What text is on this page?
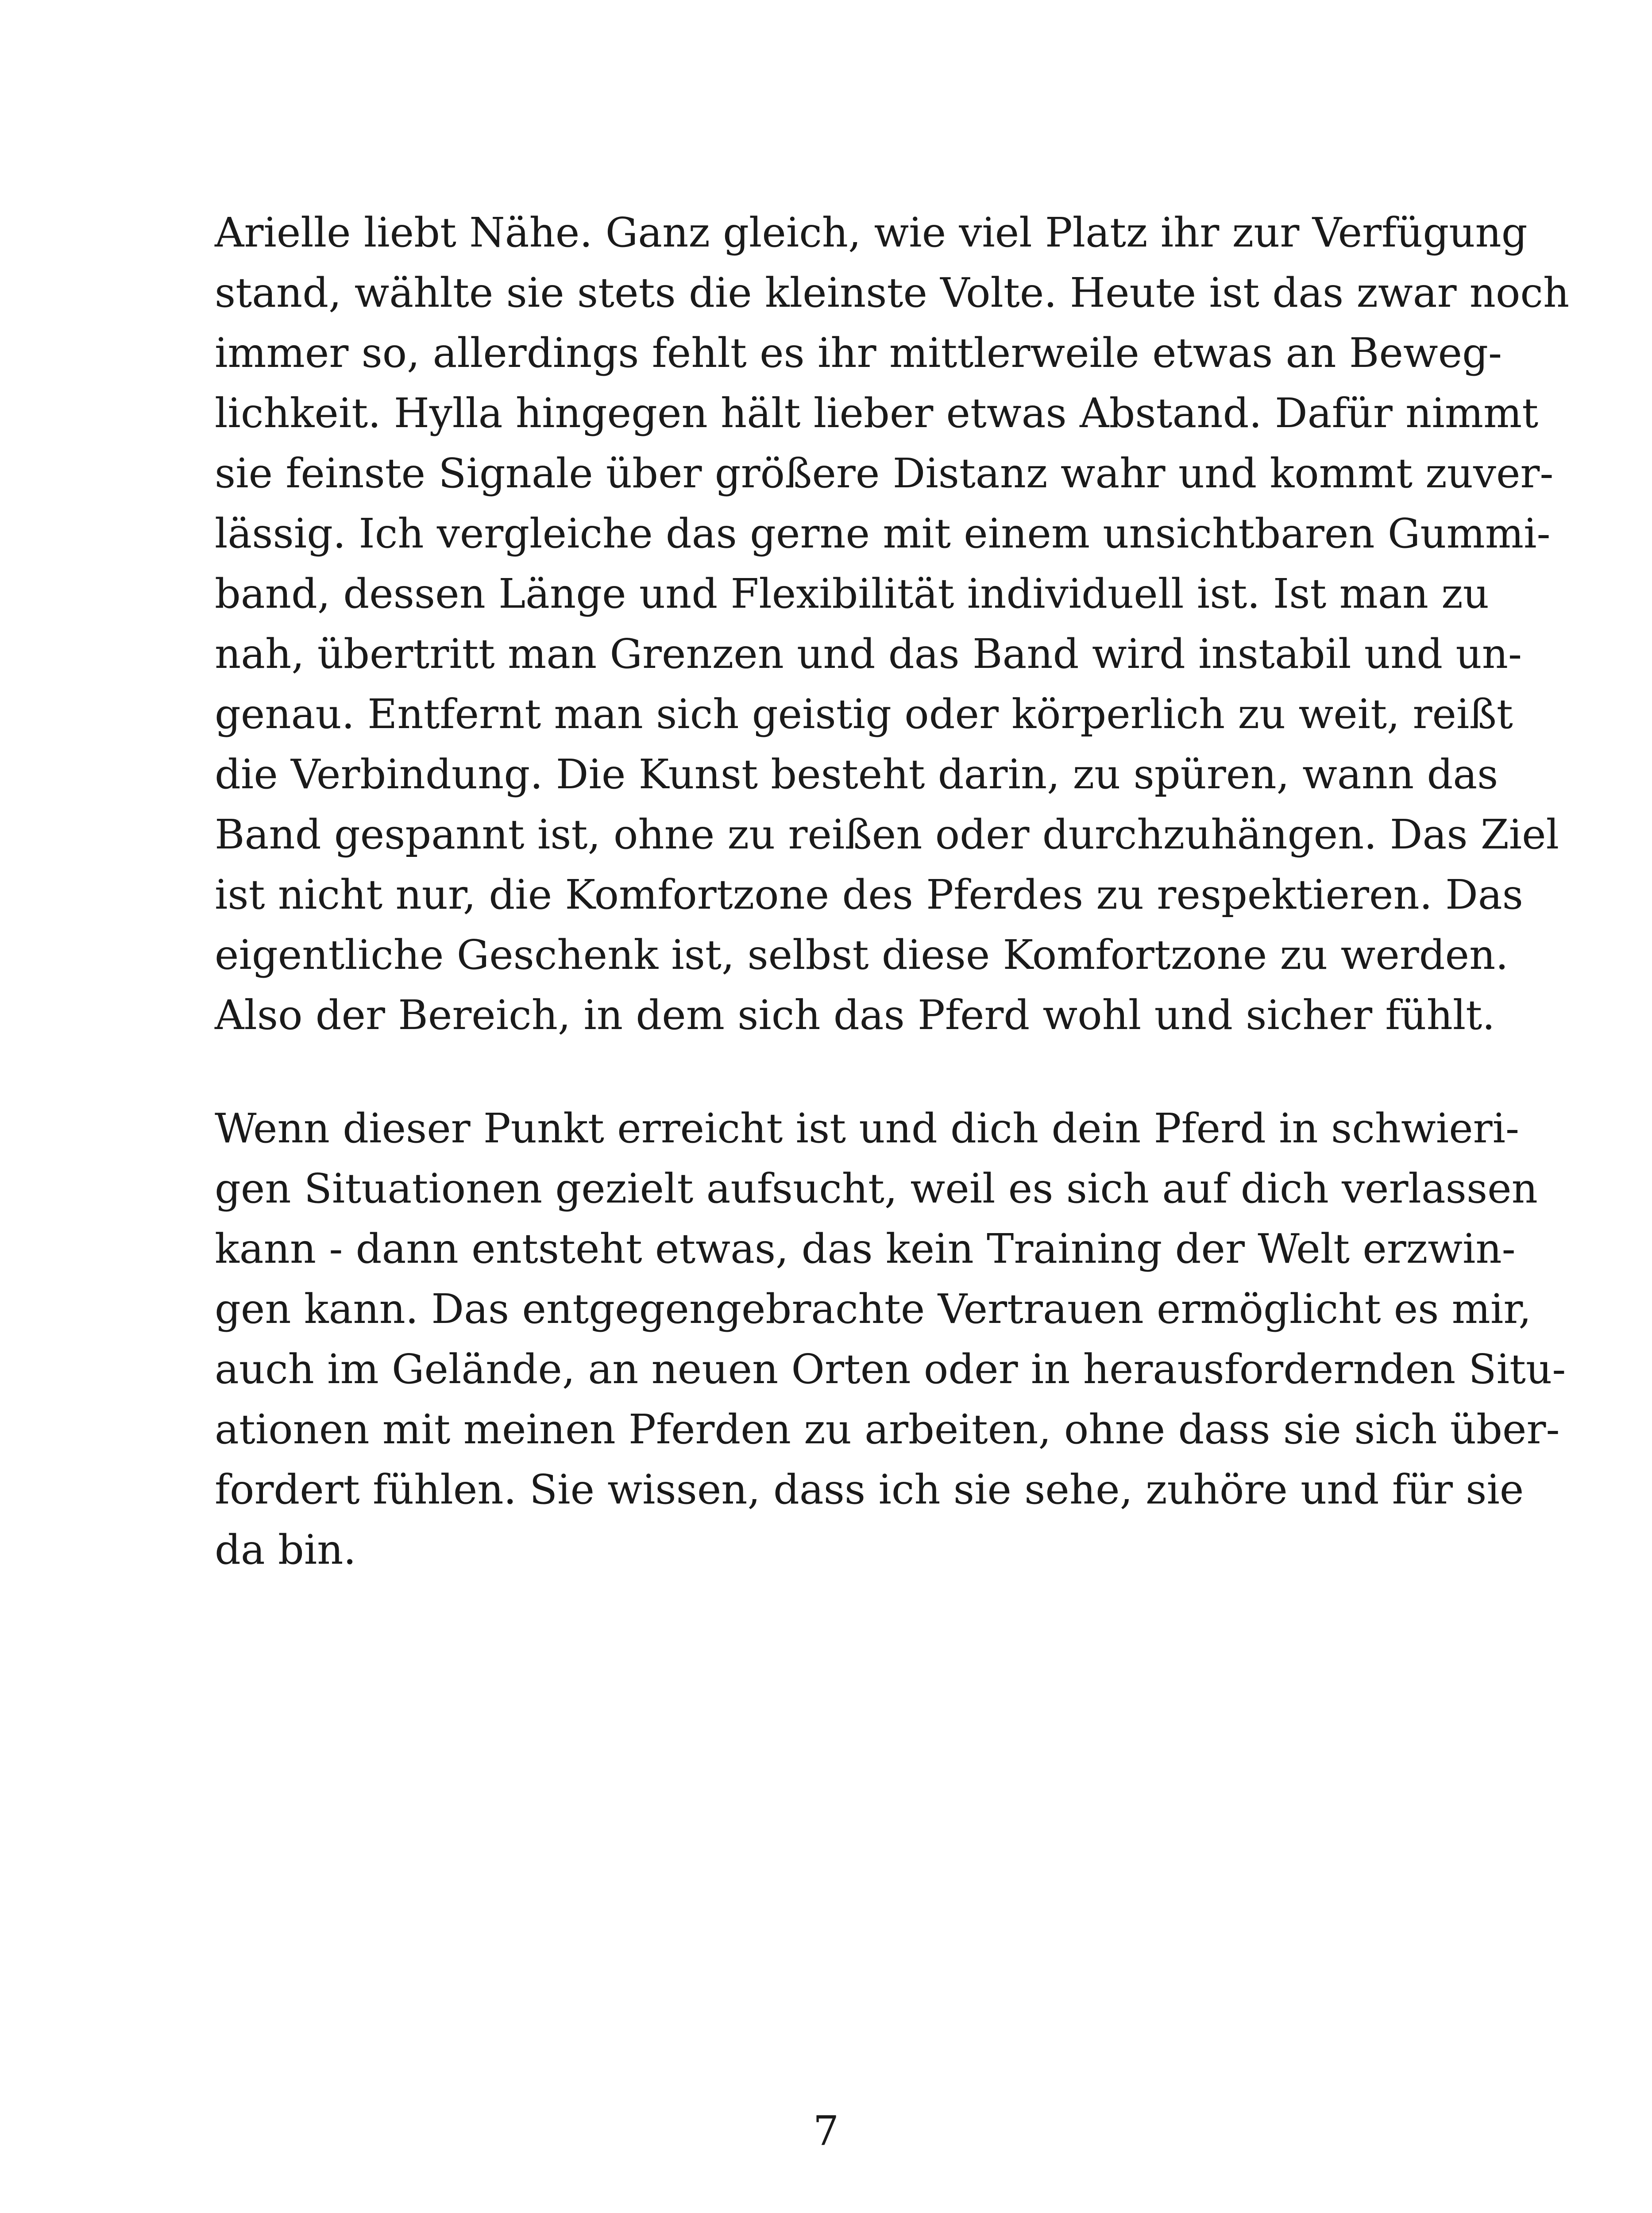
Arielle liebt Nähe. Ganz gleich, wie viel Platz ihr zur Verfügung
stand, wählte sie stets die kleinste Volte. Heute ist das zwar noch
immer so, allerdings fehlt es ihr mittlerweile etwas an Beweg-
lichkeit. Hylla hingegen hält lieber etwas Abstand. Dafür nimmt
sie feinste Signale über größere Distanz wahr und kommt zuver-
lässig. Ich vergleiche das gerne mit einem unsichtbaren Gummi-
band, dessen Länge und Flexibilität individuell ist. Ist man zu
nah, übertritt man Grenzen und das Band wird instabil und un-
genau. Entfernt man sich geistig oder körperlich zu weit, reißt
die Verbindung. Die Kunst besteht darin, zu spüren, wann das
Band gespannt ist, ohne zu reißen oder durchzuhängen. Das Ziel
ist nicht nur, die Komfortzone des Pferdes zu respektieren. Das
eigentliche Geschenk ist, selbst diese Komfortzone zu werden.
Also der Bereich, in dem sich das Pferd wohl und sicher fühlt.
Wenn dieser Punkt erreicht ist und dich dein Pferd in schwieri-
gen Situationen gezielt aufsucht, weil es sich auf dich verlassen
kann - dann entsteht etwas, das kein Training der Welt erzwin-
gen kann. Das entgegengebrachte Vertrauen ermöglicht es mir,
auch im Gelände, an neuen Orten oder in herausfordernden Situ-
ationen mit meinen Pferden zu arbeiten, ohne dass sie sich über-
fordert fühlen. Sie wissen, dass ich sie sehe, zuhöre und für sie
da bin.
7
